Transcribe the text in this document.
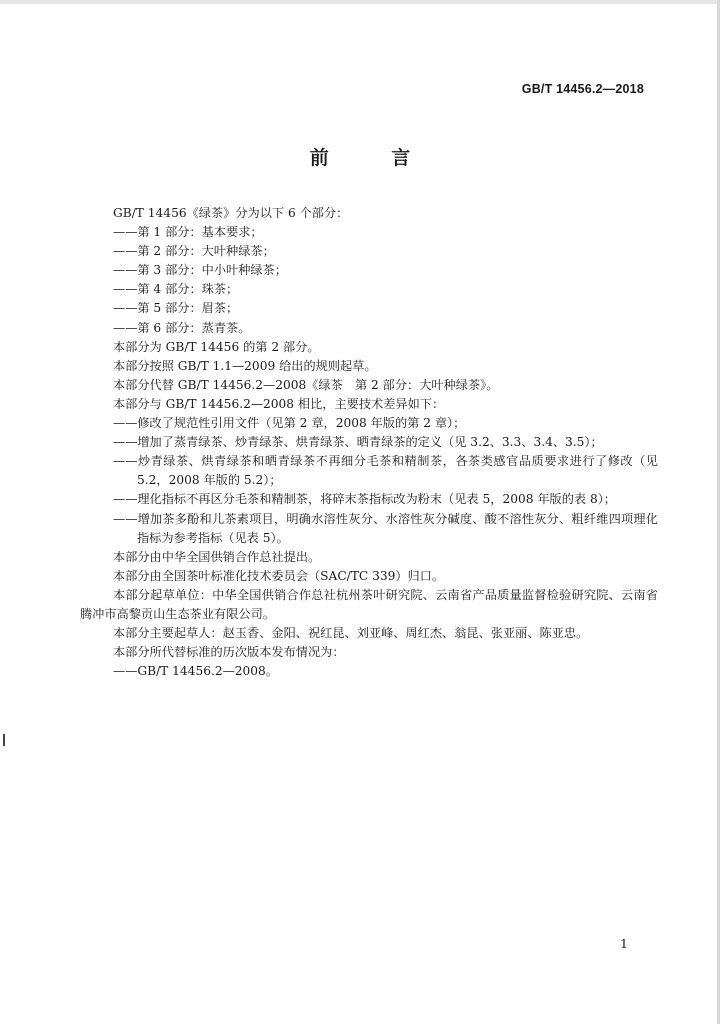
GB/T 14456.2—2018
前 言

GB/T 14456《绿茶》分为以下 6 个部分：

——第 1 部分：基本要求；

——第 2 部分：大叶种绿茶；

——第 3 部分：中小叶种绿茶；

——第 4 部分：珠茶；

——第 5 部分：眉茶；

——第 6 部分：蒸青茶。

本部分为 GB/T 14456 的第 2 部分。

本部分按照 GB/T 1.1—2009 给出的规则起草。

本部分代替 GB/T 14456.2—2008《绿茶　第 2 部分：大叶种绿茶》。

本部分与 GB/T 14456.2—2008 相比，主要技术差异如下：

——修改了规范性引用文件（见第 2 章，2008 年版的第 2 章）；

——增加了蒸青绿茶、炒青绿茶、烘青绿茶、晒青绿茶的定义（见 3.2、3.3、3.4、3.5）；

——炒青绿茶、烘青绿茶和晒青绿茶不再细分毛茶和精制茶，各茶类感官品质要求进行了修改（见 5.2，2008 年版的 5.2）；

——理化指标不再区分毛茶和精制茶，将碎末茶指标改为粉末（见表 5，2008 年版的表 8）；

——增加茶多酚和儿茶素项目，明确水溶性灰分、水溶性灰分碱度、酸不溶性灰分、粗纤维四项理化指标为参考指标（见表 5）。

本部分由中华全国供销合作总社提出。

本部分由全国茶叶标准化技术委员会（SAC/TC 339）归口。

本部分起草单位：中华全国供销合作总社杭州茶叶研究院、云南省产品质量监督检验研究院、云南省腾冲市高黎贡山生态茶业有限公司。

本部分主要起草人：赵玉香、金阳、祝红昆、刘亚峰、周红杰、翁昆、张亚丽、陈亚忠。

本部分所代替标准的历次版本发布情况为：

——GB/T 14456.2—2008。

1
